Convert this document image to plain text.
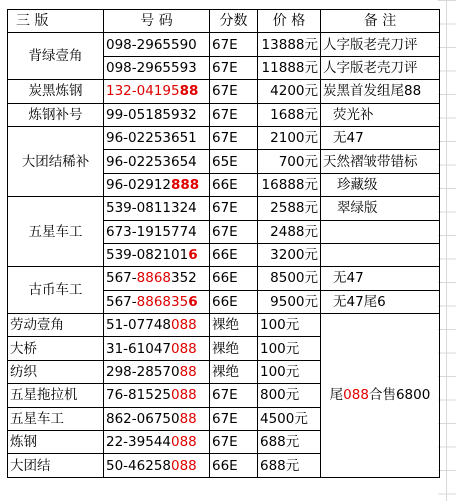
三 版	号 码	分数	价 格	备 注
背绿壹角	098-2965590	67E	13888元	人字版老壳刀评
	098-2965593	67E	11888元	人字版老壳刀评
炭黑炼钢	132-0419588	67E	4200元	炭黑首发组尾88
炼钢补号	99-05185932	67E	1688元	荧光补
大团结稀补	96-02253651	67E	2100元	无47
	96-02253654	65E	700元	天然褶皱带错标
	96-02912888	66E	16888元	珍藏级
五星车工	539-0811324	67E	2588元	翠绿版
	673-1915774	67E	2488元	
	539-0821016	66E	3200元	
古币车工	567-8868352	66E	8500元	无47
	567-8868356	66E	9500元	无47尾6
劳动壹角	51-07748088	裸绝	100元	尾088合售6800
大桥	31-61047088	裸绝	100元	
纺织	298-2857088	裸绝	100元	
五星拖拉机	76-81525088	67E	800元	
五星车工	862-0675088	67E	4500元	
炼钢	22-39544088	67E	688元	
大团结	50-46258088	66E	688元	
